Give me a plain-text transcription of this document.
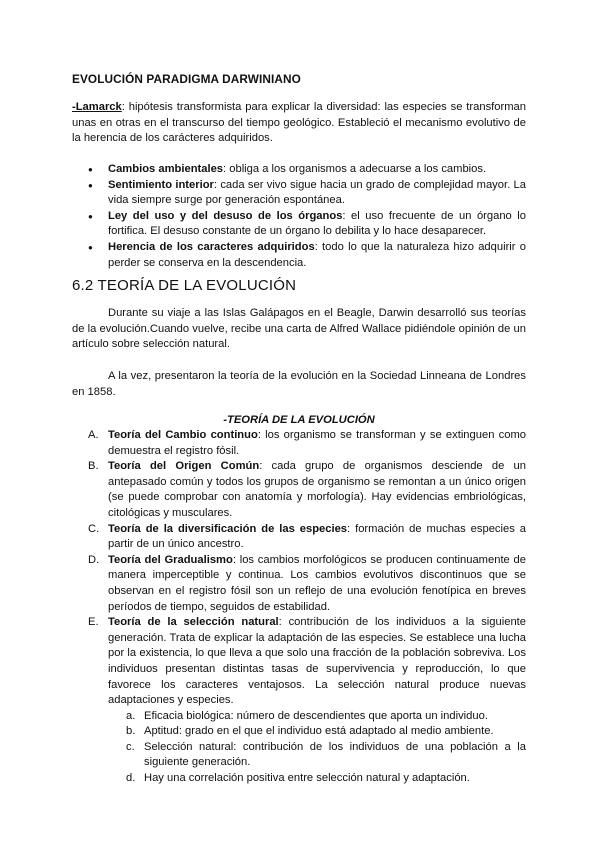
EVOLUCIÓN PARADIGMA DARWINIANO

-Lamarck: hipótesis transformista para explicar la diversidad: las especies se transforman unas en otras en el transcurso del tiempo geológico. Estableció el mecanismo evolutivo de la herencia de los carácteres adquiridos.

● Cambios ambientales: obliga a los organismos a adecuarse a los cambios.
● Sentimiento interior: cada ser vivo sigue hacia un grado de complejidad mayor. La vida siempre surge por generación espontánea.
● Ley del uso y del desuso de los órganos: el uso frecuente de un órgano lo fortifica. El desuso constante de un órgano lo debilita y lo hace desaparecer.
● Herencia de los caracteres adquiridos: todo lo que la naturaleza hizo adquirir o perder se conserva en la descendencia.
6.2 TEORÍA DE LA EVOLUCIÓN

Durante su viaje a las Islas Galápagos en el Beagle, Darwin desarrolló sus teorías de la evolución.Cuando vuelve, recibe una carta de Alfred Wallace pidiéndole opinión de un artículo sobre selección natural.

A la vez, presentaron la teoría de la evolución en la Sociedad Linneana de Londres en 1858.

-TEORÍA DE LA EVOLUCIÓN
A. Teoría del Cambio continuo: los organismo se transforman y se extinguen como demuestra el registro fósil.
B. Teoría del Origen Común: cada grupo de organismos desciende de un antepasado común y todos los grupos de organismo se remontan a un único origen (se puede comprobar con anatomía y morfología). Hay evidencias embriológicas, citológicas y musculares.
C. Teoría de la diversificación de las especies: formación de muchas especies a partir de un único ancestro.
D. Teoría del Gradualismo: los cambios morfológicos se producen continuamente de manera imperceptible y continua. Los cambios evolutivos discontinuos que se observan en el registro fósil son un reflejo de una evolución fenotípica en breves períodos de tiempo, seguidos de estabilidad.
E. Teoría de la selección natural: contribución de los individuos a la siguiente generación. Trata de explicar la adaptación de las especies. Se establece una lucha por la existencia, lo que lleva a que solo una fracción de la población sobreviva. Los individuos presentan distintas tasas de supervivencia y reproducción, lo que favorece los caracteres ventajosos. La selección natural produce nuevas adaptaciones y especies.
a. Eficacia biológica: número de descendientes que aporta un individuo.
b. Aptitud: grado en el que el individuo está adaptado al medio ambiente.
c. Selección natural: contribución de los individuos de una población a la siguiente generación.
d. Hay una correlación positiva entre selección natural y adaptación.
